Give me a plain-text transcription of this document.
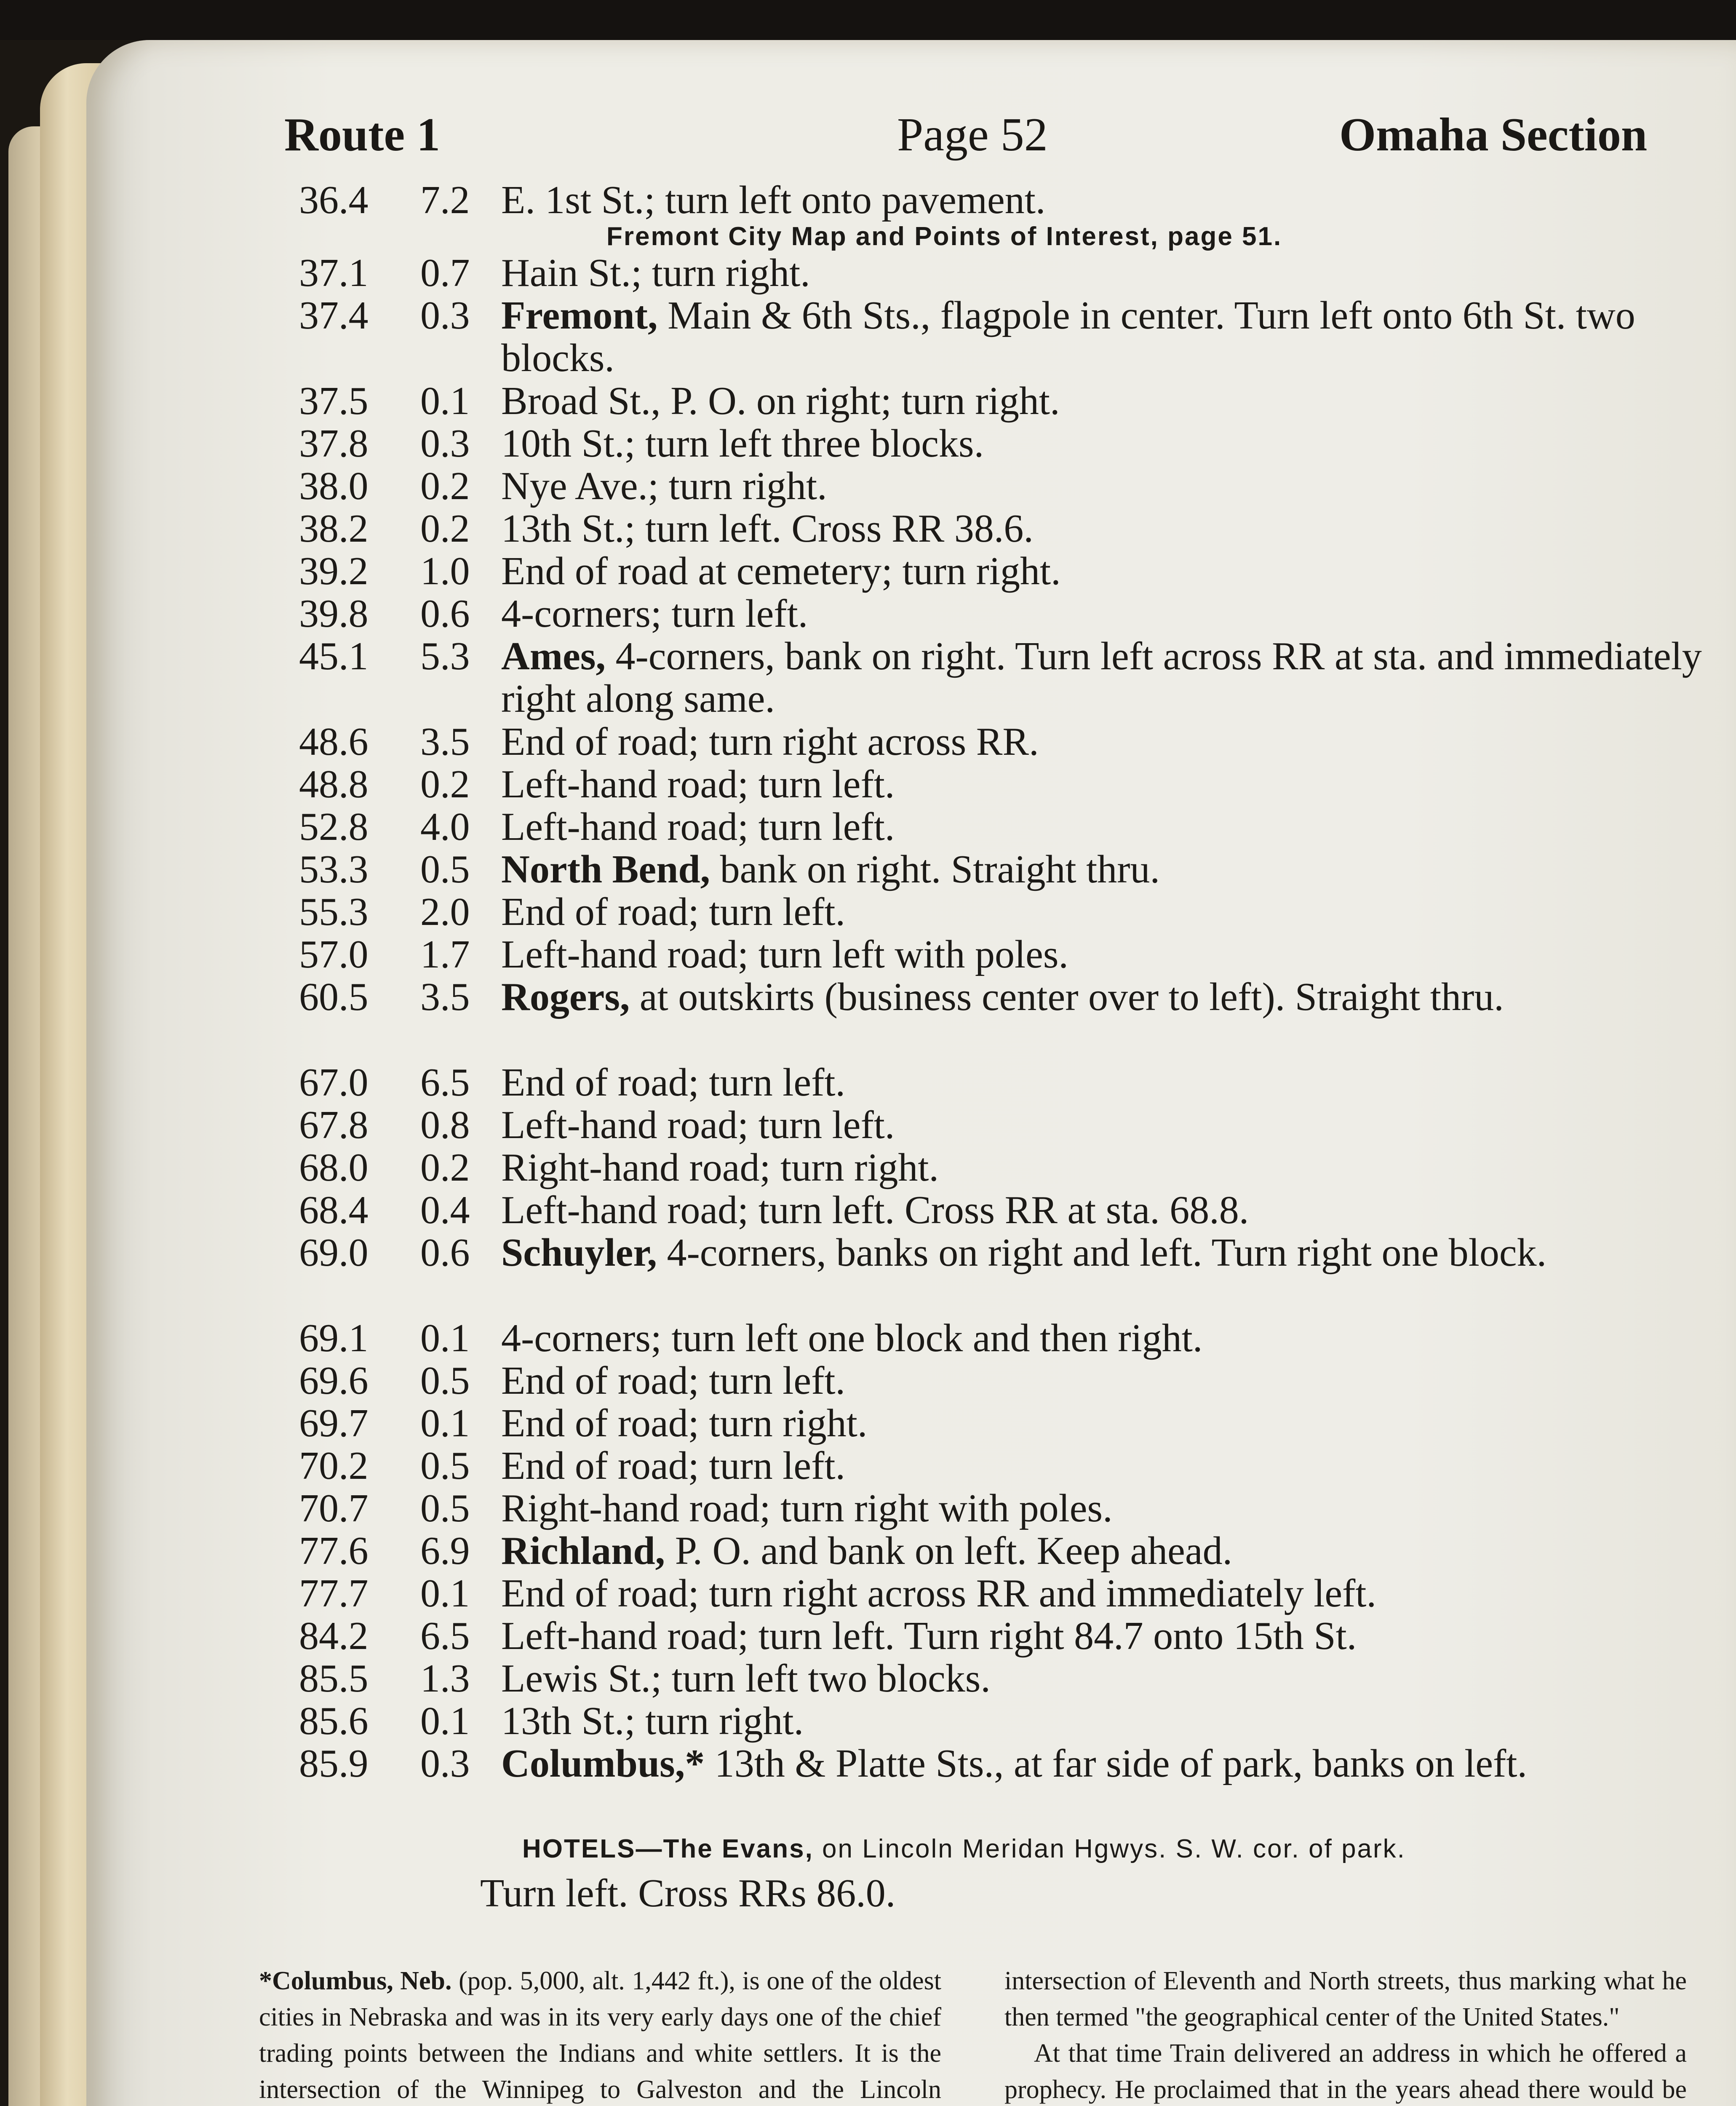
Route 1	Page 52	Omaha Section
36.4	7.2 E. 1st St.; turn left onto pavement.
Fremont City Map and Points of Interest, page 51.
37.1	0.7 Hain St.; turn right.
37.4	0.3 Fremont, Main & 6th Sts., flagpole in center. Turn left onto 6th St. two blocks.
37.5	0.1 Broad St., P. O. on right; turn right.
37.8	0.3 10th St.; turn left three blocks.
38.0	0.2 Nye Ave.; turn right.
38.2	0.2 13th St.; turn left. Cross RR 38.6.
39.2	1.0 End of road at cemetery; turn right.
39.8	0.6 4-corners; turn left.
45.1	5.3 Ames, 4-corners, bank on right. Turn left across RR at sta. and immediately right along same.
48.6	3.5 End of road; turn right across RR.
48.8	0.2 Left-hand road; turn left.
52.8	4.0 Left-hand road; turn left.
53.3	0.5 North Bend, bank on right. Straight thru.
55.3	2.0 End of road; turn left.
57.0	1.7 Left-hand road; turn left with poles.
60.5	3.5 Rogers, at outskirts (business center over to left). Straight thru.
67.0	6.5 End of road; turn left.
67.8	0.8 Left-hand road; turn left.
68.0	0.2 Right-hand road; turn right.
68.4	0.4 Left-hand road; turn left. Cross RR at sta. 68.8.
69.0	0.6 Schuyler, 4-corners, banks on right and left. Turn right one block.
69.1	0.1 4-corners; turn left one block and then right.
69.6	0.5 End of road; turn left.
69.7	0.1 End of road; turn right.
70.2	0.5 End of road; turn left.
70.7	0.5 Right-hand road; turn right with poles.
77.6	6.9 Richland, P. O. and bank on left. Keep ahead.
77.7	0.1 End of road; turn right across RR and immediately left.
84.2	6.5 Left-hand road; turn left. Turn right 84.7 onto 15th St.
85.5	1.3 Lewis St.; turn left two blocks.
85.6	0.1 13th St.; turn right.
85.9	0.3 Columbus,* 13th & Platte Sts., at far side of park, banks on left.
HOTELS—The Evans, on Lincoln Meridan Hgwys. S. W. cor. of park.
Turn left. Cross RRs 86.0.

*Columbus, Neb. (pop. 5,000, alt. 1,442 ft.), is one of the oldest cities in Nebraska and was in its very early days one of the chief trading points between the Indians and white settlers. It is the intersection of the Winnipeg to Galveston and the Lincoln

intersection of Eleventh and North streets, thus marking what he then termed "the geographical center of the United States."

At that time Train delivered an address in which he offered a prophecy. He proclaimed that in the years ahead there would be
